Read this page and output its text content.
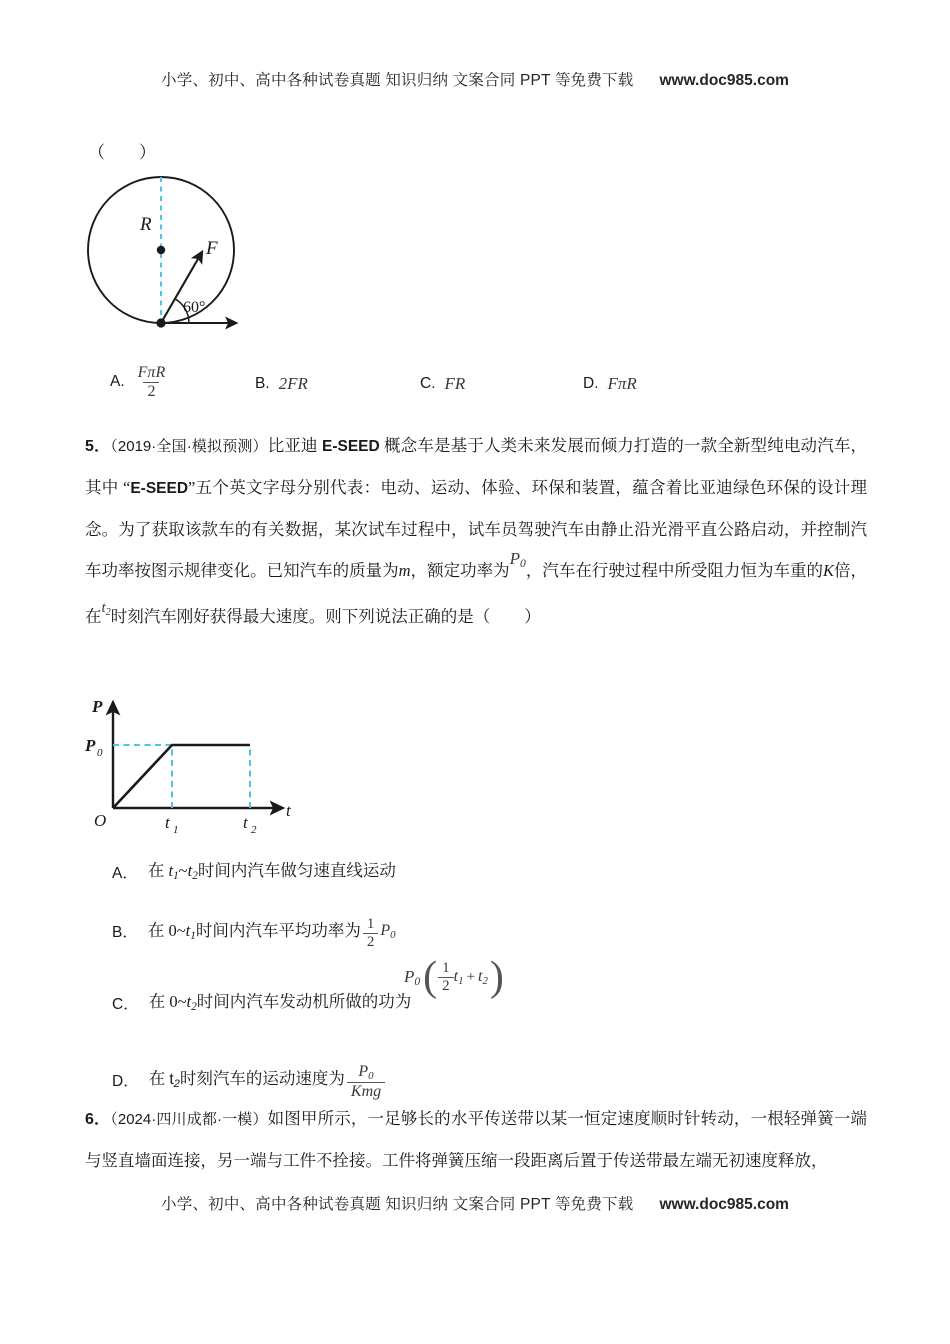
小学、初中、高中各种试卷真题 知识归纳 文案合同 PPT 等免费下载 www.doc985.com
（ ）
R
F
60°
A. $\frac{\text{FπR}}{2}$	B. 2FR	C. FR	D. FπR
5．（2019·全国·模拟预测）比亚迪 E-SEED 概念车是基于人类未来发展而倾力打造的一款全新型纯电动汽车，其中 “E-SEED”五个英文字母分别代表：电动、运动、体验、环保和装置，蕴含着比亚迪绿色环保的设计理念。为了获取该款车的有关数据，某次试车过程中，试车员驾驶汽车由静止沿光滑平直公路启动，并控制汽车功率按图示规律变化。已知汽车的质量为m，额定功率为$P_0$，汽车在行驶过程中所受阻力恒为车重的K倍，在$t_2$时刻汽车刚好获得最大速度。则下列说法正确的是（ ）
P
t
O
P 0
t 1	t 2
A． 在 $t_1\sim t_2$时间内汽车做匀速直线运动
B． 在 $0\sim t_1$时间内汽车平均功率为 $\frac{1}{2} P_0$
C． 在 $0\sim t_2$时间内汽车发动机所做的功为
$P_0$ ( $\frac{1}{2} t_1 + t_2$ )
D． 在 $t_2$时刻汽车的运动速度为 $\frac{P_0}{\text{Kmg}}$
6．（2024·四川成都·一模）如图甲所示，一足够长的水平传送带以某一恒定速度顺时针转动，一根轻弹簧一端与竖直墙面连接，另一端与工件不拴接。工件将弹簧压缩一段距离后置于传送带最左端无初速度释放，
小学、初中、高中各种试卷真题 知识归纳 文案合同 PPT 等免费下载 www.doc985.com
